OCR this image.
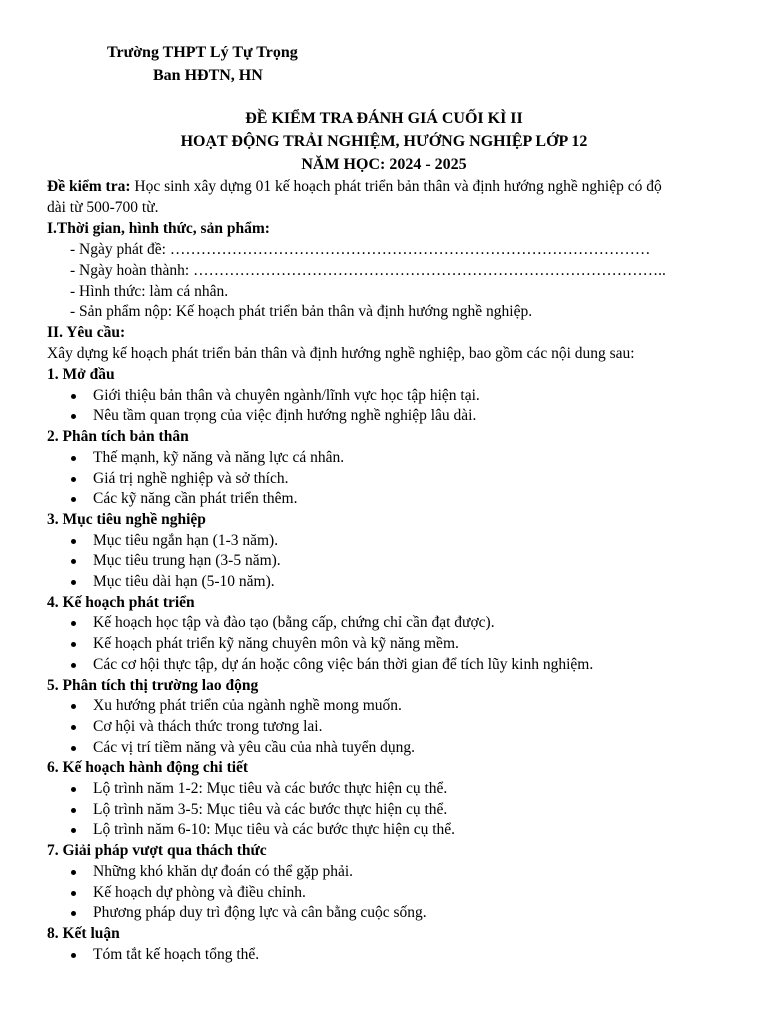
Trường THPT Lý Tự Trọng
Ban HĐTN, HN
ĐỀ KIỂM TRA ĐÁNH GIÁ CUỐI KÌ II
HOẠT ĐỘNG TRẢI NGHIỆM, HƯỚNG NGHIỆP LỚP 12
NĂM HỌC: 2024 - 2025
Đề kiểm tra: Học sinh xây dựng 01 kế hoạch phát triển bản thân và định hướng nghề nghiệp có độ
dài từ 500-700 từ.
I.Thời gian, hình thức, sản phẩm:
- Ngày phát đề: …………………………………………………………………………………
- Ngày hoàn thành: ………………………………………………………………………………..
- Hình thức: làm cá nhân.
- Sản phẩm nộp: Kế hoạch phát triển bản thân và định hướng nghề nghiệp.
II. Yêu cầu:
Xây dựng kế hoạch phát triển bản thân và định hướng nghề nghiệp, bao gồm các nội dung sau:
1. Mở đầu
Giới thiệu bản thân và chuyên ngành/lĩnh vực học tập hiện tại.
Nêu tầm quan trọng của việc định hướng nghề nghiệp lâu dài.
2. Phân tích bản thân
Thế mạnh, kỹ năng và năng lực cá nhân.
Giá trị nghề nghiệp và sở thích.
Các kỹ năng cần phát triển thêm.
3. Mục tiêu nghề nghiệp
Mục tiêu ngắn hạn (1-3 năm).
Mục tiêu trung hạn (3-5 năm).
Mục tiêu dài hạn (5-10 năm).
4. Kế hoạch phát triển
Kế hoạch học tập và đào tạo (bằng cấp, chứng chỉ cần đạt được).
Kế hoạch phát triển kỹ năng chuyên môn và kỹ năng mềm.
Các cơ hội thực tập, dự án hoặc công việc bán thời gian để tích lũy kinh nghiệm.
5. Phân tích thị trường lao động
Xu hướng phát triển của ngành nghề mong muốn.
Cơ hội và thách thức trong tương lai.
Các vị trí tiềm năng và yêu cầu của nhà tuyển dụng.
6. Kế hoạch hành động chi tiết
Lộ trình năm 1-2: Mục tiêu và các bước thực hiện cụ thể.
Lộ trình năm 3-5: Mục tiêu và các bước thực hiện cụ thể.
Lộ trình năm 6-10: Mục tiêu và các bước thực hiện cụ thể.
7. Giải pháp vượt qua thách thức
Những khó khăn dự đoán có thể gặp phải.
Kế hoạch dự phòng và điều chỉnh.
Phương pháp duy trì động lực và cân bằng cuộc sống.
8. Kết luận
Tóm tắt kế hoạch tổng thể.
